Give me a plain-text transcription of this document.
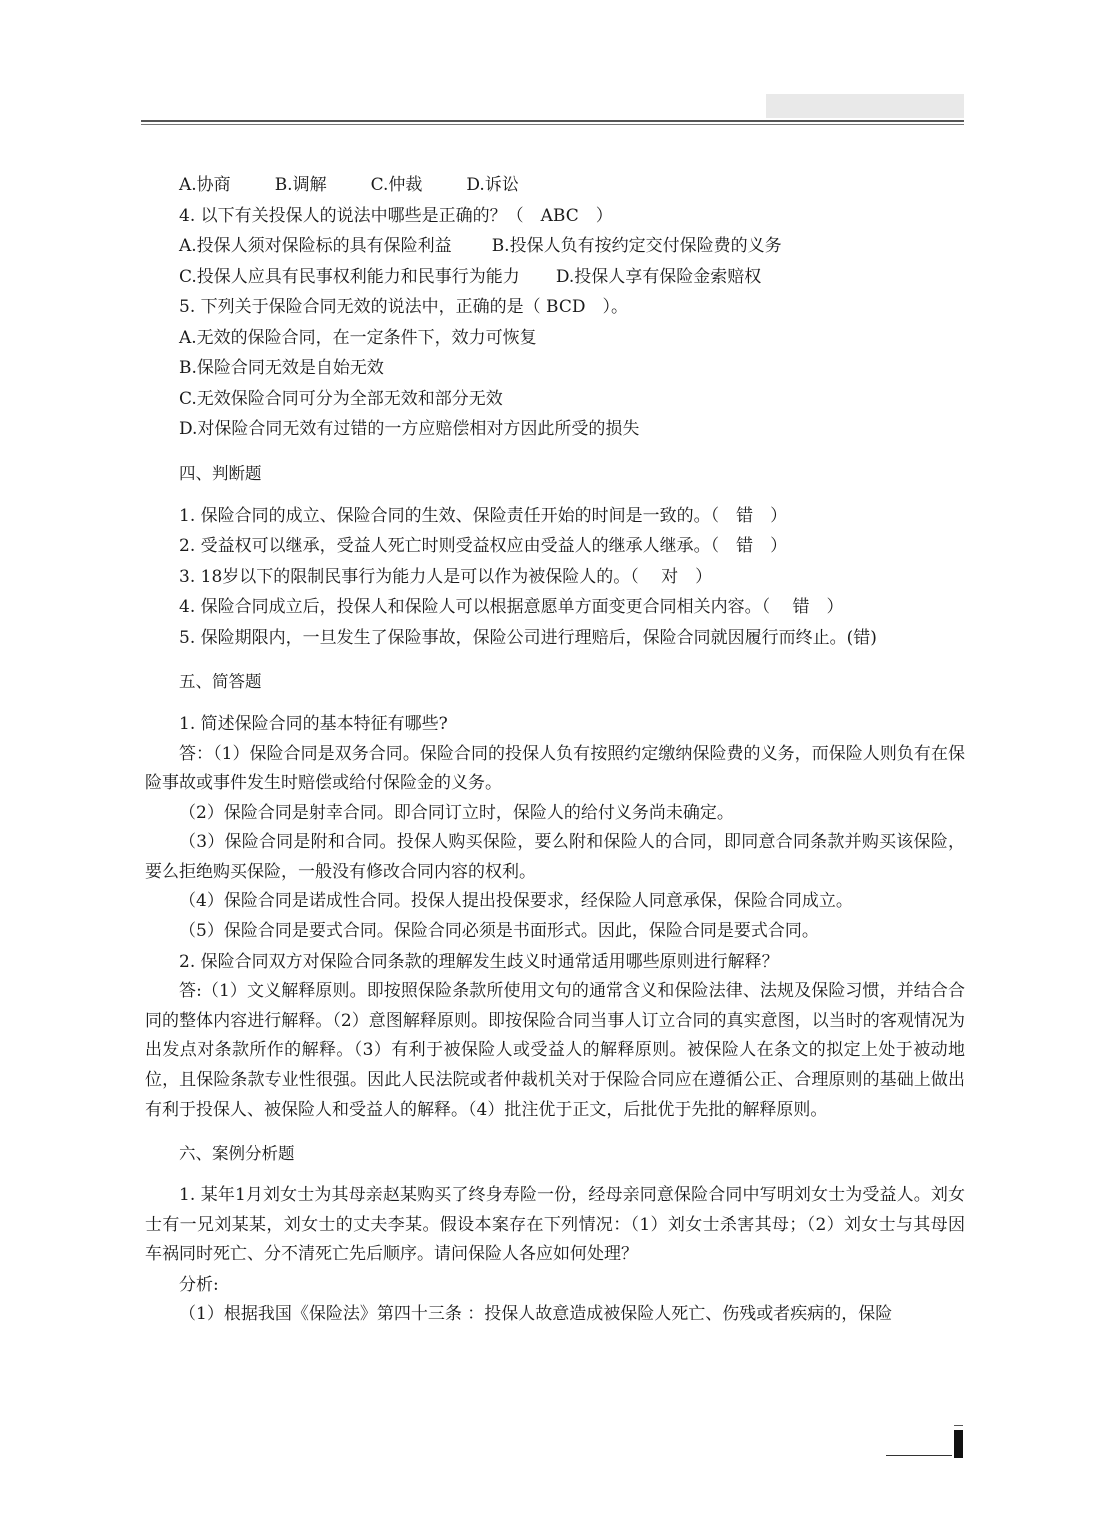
A.协商	B.调解	C.仲裁	D.诉讼
4. 以下有关投保人的说法中哪些是正确的？（　ABC　）
A.投保人须对保险标的具有保险利益 B.投保人负有按约定交付保险费的义务
C.投保人应具有民事权利能力和民事行为能力 D.投保人享有保险金索赔权
5. 下列关于保险合同无效的说法中，正确的是（ BCD　）。
A.无效的保险合同，在一定条件下，效力可恢复
B.保险合同无效是自始无效
C.无效保险合同可分为全部无效和部分无效
D.对保险合同无效有过错的一方应赔偿相对方因此所受的损失
四、判断题
1. 保险合同的成立、保险合同的生效、保险责任开始的时间是一致的。（　错　）
2. 受益权可以继承，受益人死亡时则受益权应由受益人的继承人继承。（　错　）
3. 18岁以下的限制民事行为能力人是可以作为被保险人的。（　 对　）
4. 保险合同成立后，投保人和保险人可以根据意愿单方面变更合同相关内容。（　 错　）
5. 保险期限内，一旦发生了保险事故，保险公司进行理赔后，保险合同就因履行而终止。(错)
五、简答题
1. 简述保险合同的基本特征有哪些?
答：（1）保险合同是双务合同。保险合同的投保人负有按照约定缴纳保险费的义务，而保险人则负有在保险事故或事件发生时赔偿或给付保险金的义务。
（2）保险合同是射幸合同。即合同订立时，保险人的给付义务尚未确定。
（3）保险合同是附和合同。投保人购买保险，要么附和保险人的合同，即同意合同条款并购买该保险，要么拒绝购买保险，一般没有修改合同内容的权利。
（4）保险合同是诺成性合同。投保人提出投保要求，经保险人同意承保，保险合同成立。
（5）保险合同是要式合同。保险合同必须是书面形式。因此，保险合同是要式合同。
2. 保险合同双方对保险合同条款的理解发生歧义时通常适用哪些原则进行解释？
答:（1）文义解释原则。即按照保险条款所使用文句的通常含义和保险法律、法规及保险习惯，并结合合同的整体内容进行解释。（2）意图解释原则。即按保险合同当事人订立合同的真实意图，以当时的客观情况为出发点对条款所作的解释。（3）有利于被保险人或受益人的解释原则。被保险人在条文的拟定上处于被动地位，且保险条款专业性很强。因此人民法院或者仲裁机关对于保险合同应在遵循公正、合理原则的基础上做出有利于投保人、被保险人和受益人的解释。（4）批注优于正文，后批优于先批的解释原则。
六、案例分析题
1. 某年1月刘女士为其母亲赵某购买了终身寿险一份，经母亲同意保险合同中写明刘女士为受益人。刘女士有一兄刘某某，刘女士的丈夫李某。假设本案存在下列情况：（1）刘女士杀害其母；（2）刘女士与其母因车祸同时死亡、分不清死亡先后顺序。请问保险人各应如何处理？
分析:
（1）根据我国《保险法》第四十三条 ：投保人故意造成被保险人死亡、伤残或者疾病的，保险
